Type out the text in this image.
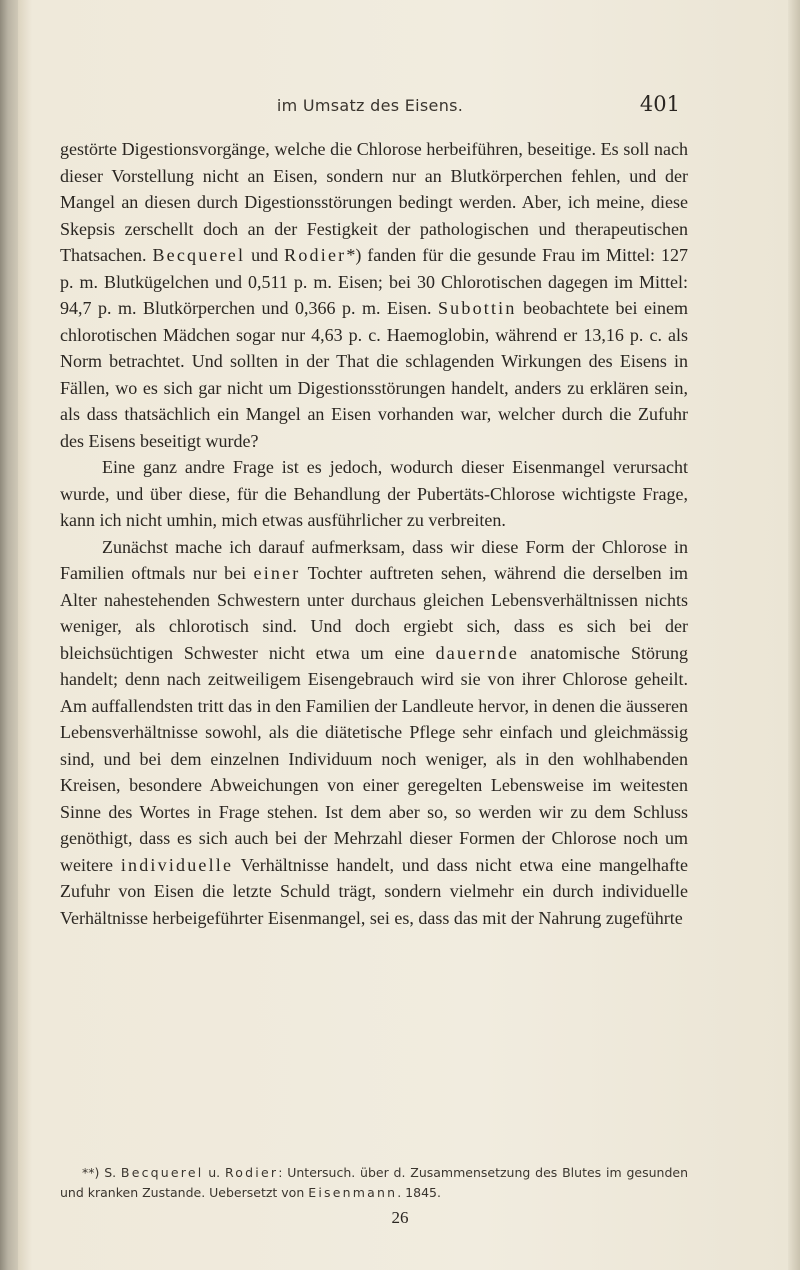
im Umsatz des Eisens.	401

gestörte Digestionsvorgänge, welche die Chlorose herbeiführen, beseitige. Es soll nach dieser Vorstellung nicht an Eisen, sondern nur an Blutkörperchen fehlen, und der Mangel an diesen durch Digestionsstörungen bedingt werden. Aber, ich meine, diese Skepsis zerschellt doch an der Festigkeit der pathologischen und therapeutischen Thatsachen. Becquerel und Rodier*) fanden für die gesunde Frau im Mittel: 127 p. m. Blutkügelchen und 0,511 p. m. Eisen; bei 30 Chlorotischen dagegen im Mittel: 94,7 p. m. Blutkörperchen und 0,366 p. m. Eisen. Subottin beobachtete bei einem chlorotischen Mädchen sogar nur 4,63 p. c. Haemoglobin, während er 13,16 p. c. als Norm betrachtet. Und sollten in der That die schlagenden Wirkungen des Eisens in Fällen, wo es sich gar nicht um Digestionsstörungen handelt, anders zu erklären sein, als dass thatsächlich ein Mangel an Eisen vorhanden war, welcher durch die Zufuhr des Eisens beseitigt wurde?

Eine ganz andre Frage ist es jedoch, wodurch dieser Eisenmangel verursacht wurde, und über diese, für die Behandlung der Pubertäts-Chlorose wichtigste Frage, kann ich nicht umhin, mich etwas ausführlicher zu verbreiten.

Zunächst mache ich darauf aufmerksam, dass wir diese Form der Chlorose in Familien oftmals nur bei einer Tochter auftreten sehen, während die derselben im Alter nahestehenden Schwestern unter durchaus gleichen Lebensverhältnissen nichts weniger, als chlorotisch sind. Und doch ergiebt sich, dass es sich bei der bleichsüchtigen Schwester nicht etwa um eine dauernde anatomische Störung handelt; denn nach zeitweiligem Eisengebrauch wird sie von ihrer Chlorose geheilt. Am auffallendsten tritt das in den Familien der Landleute hervor, in denen die äusseren Lebensverhältnisse sowohl, als die diätetische Pflege sehr einfach und gleichmässig sind, und bei dem einzelnen Individuum noch weniger, als in den wohlhabenden Kreisen, besondere Abweichungen von einer geregelten Lebensweise im weitesten Sinne des Wortes in Frage stehen. Ist dem aber so, so werden wir zu dem Schluss genöthigt, dass es sich auch bei der Mehrzahl dieser Formen der Chlorose noch um weitere individuelle Verhältnisse handelt, und dass nicht etwa eine mangelhafte Zufuhr von Eisen die letzte Schuld trägt, sondern vielmehr ein durch individuelle Verhältnisse herbeigeführter Eisenmangel, sei es, dass das mit der Nahrung zugeführte

**) S. Becquerel u. Rodier: Untersuch. über d. Zusammensetzung des Blutes im gesunden und kranken Zustande. Uebersetzt von Eisenmann. 1845.
26
